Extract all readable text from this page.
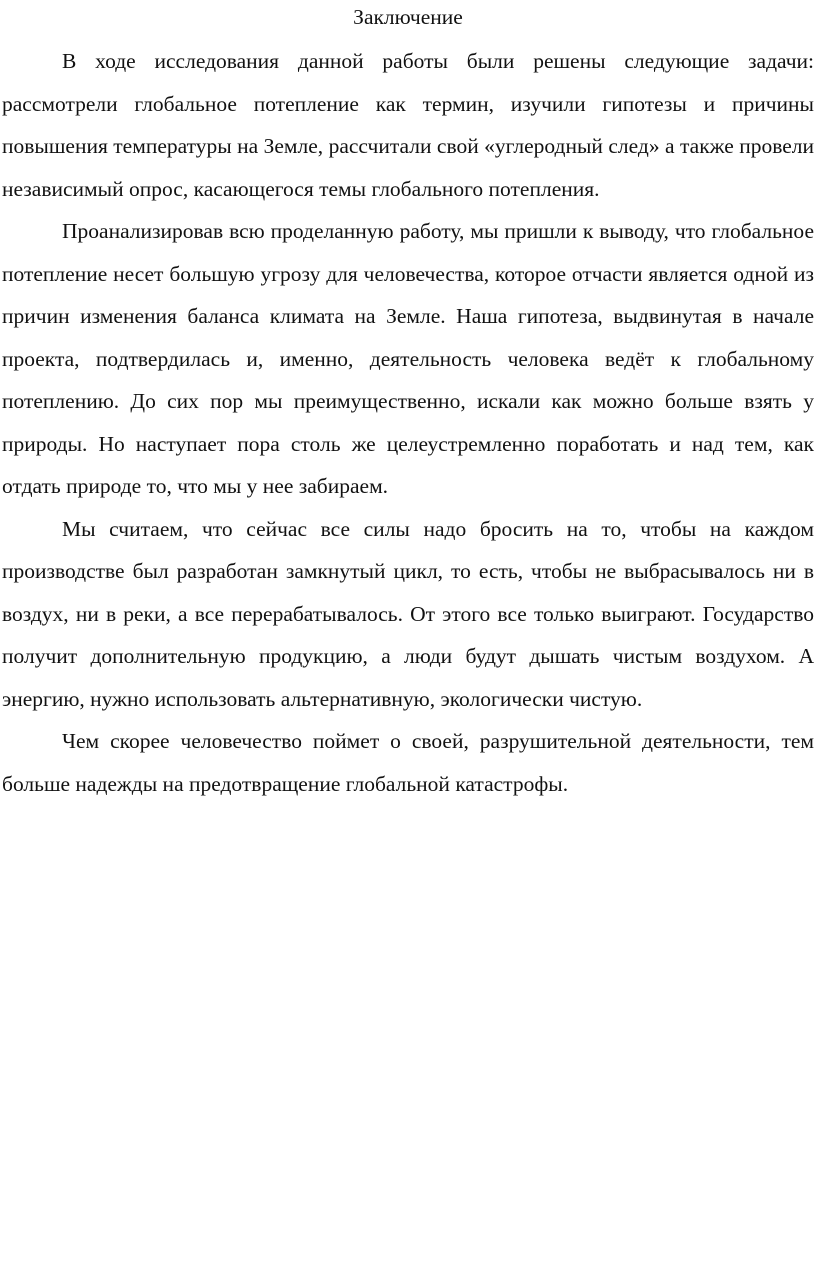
Заключение

В ходе исследования данной работы были решены следующие задачи: рассмотрели глобальное потепление как термин, изучили гипотезы и причины повышения температуры на Земле, рассчитали свой «углеродный след» а также провели независимый опрос, касающегося темы глобального потепления.

Проанализировав всю проделанную работу, мы пришли к выводу, что глобальное потепление несет большую угрозу для человечества, которое отчасти является одной из причин изменения баланса климата на Земле. Наша гипотеза, выдвинутая в начале проекта, подтвердилась и, именно, деятельность человека ведёт к глобальному потеплению. До сих пор мы преимущественно, искали как можно больше взять у природы. Но наступает пора столь же целеустремленно поработать и над тем, как отдать природе то, что мы у нее забираем.

Мы считаем, что сейчас все силы надо бросить на то, чтобы на каждом производстве был разработан замкнутый цикл, то есть, чтобы не выбрасывалось ни в воздух, ни в реки, а все перерабатывалось. От этого все только выиграют. Государство получит дополнительную продукцию, а люди будут дышать чистым воздухом. А энергию, нужно использовать альтернативную, экологически чистую.

Чем скорее человечество поймет о своей, разрушительной деятельности, тем больше надежды на предотвращение глобальной катастрофы.
